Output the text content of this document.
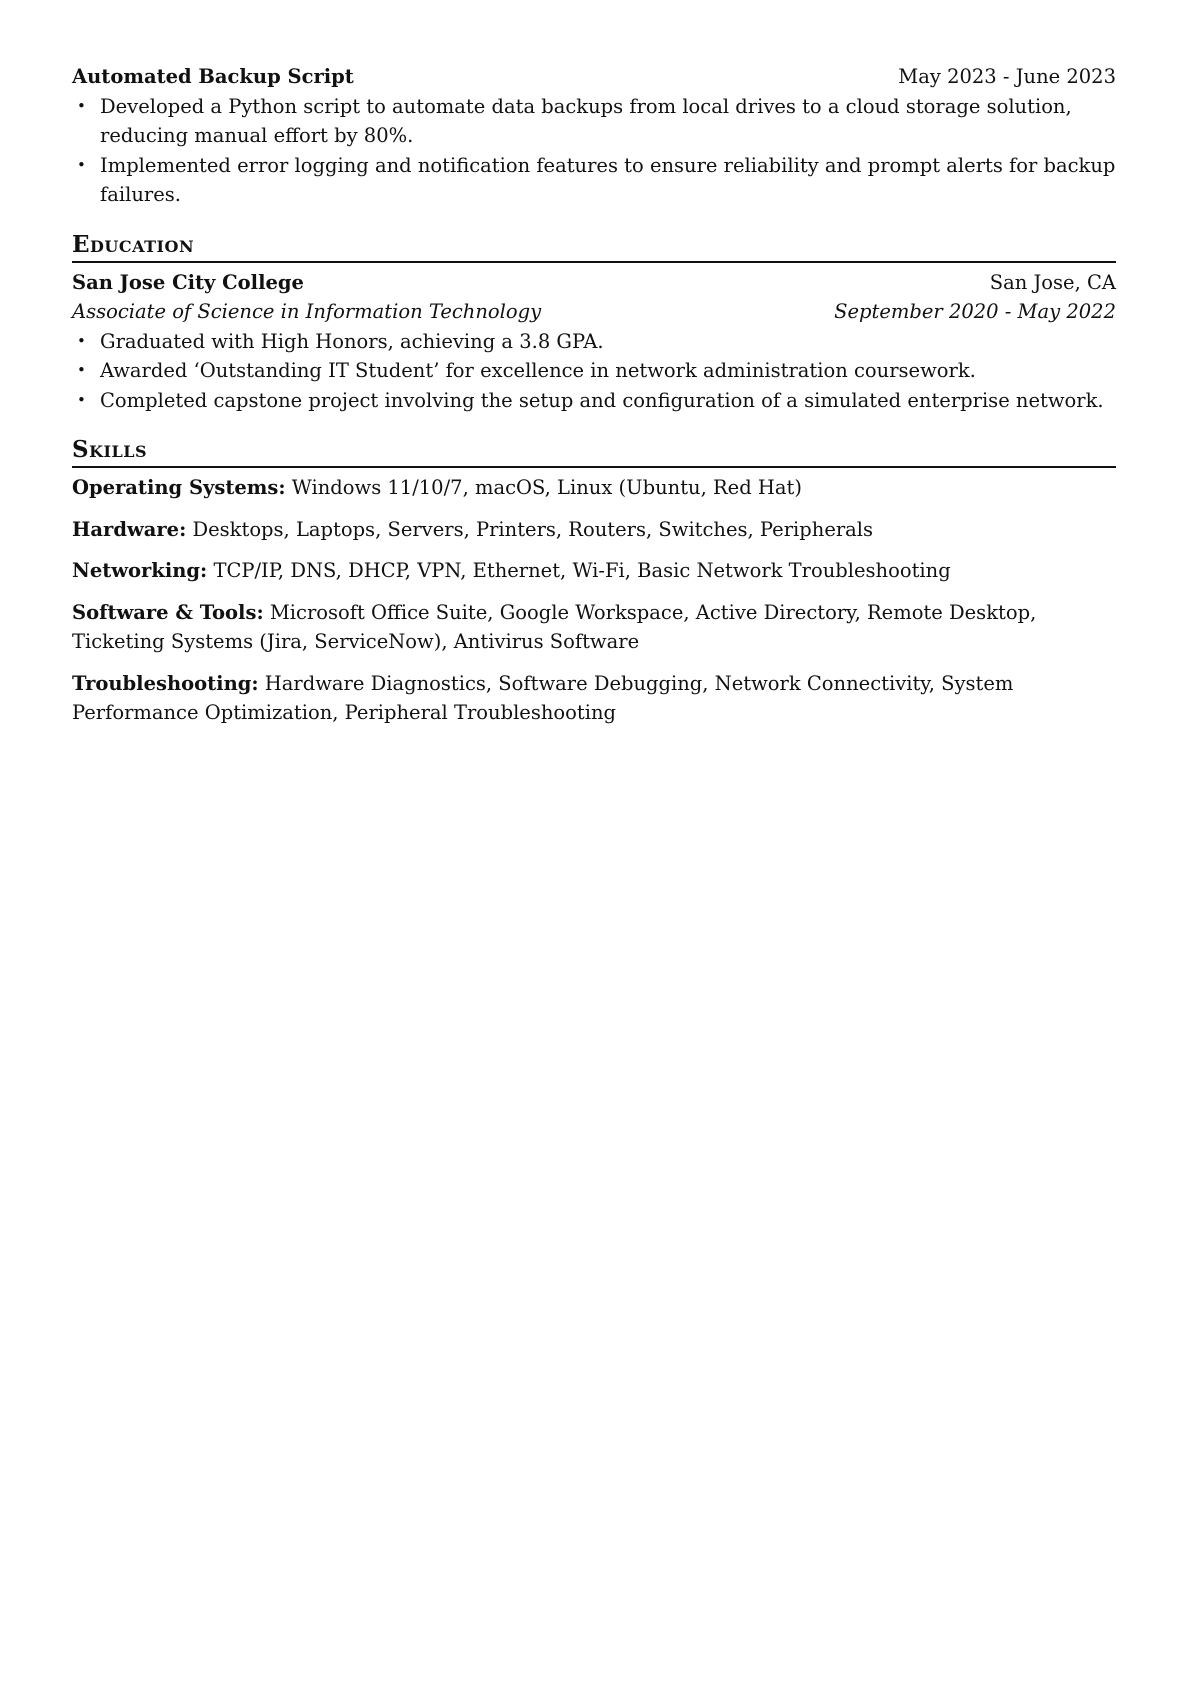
Automated Backup Script	May 2023 - June 2023
• Developed a Python script to automate data backups from local drives to a cloud storage solution, reducing manual effort by 80%.
• Implemented error logging and notification features to ensure reliability and prompt alerts for backup failures.
Education
San Jose City College	San Jose, CA
Associate of Science in Information Technology	September 2020 - May 2022
• Graduated with High Honors, achieving a 3.8 GPA.
• Awarded ‘Outstanding IT Student’ for excellence in network administration coursework.
• Completed capstone project involving the setup and configuration of a simulated enterprise network.
Skills
Operating Systems: Windows 11/10/7, macOS, Linux (Ubuntu, Red Hat)
Hardware: Desktops, Laptops, Servers, Printers, Routers, Switches, Peripherals
Networking: TCP/IP, DNS, DHCP, VPN, Ethernet, Wi-Fi, Basic Network Troubleshooting
Software & Tools: Microsoft Office Suite, Google Workspace, Active Directory, Remote Desktop, Ticketing Systems (Jira, ServiceNow), Antivirus Software
Troubleshooting: Hardware Diagnostics, Software Debugging, Network Connectivity, System Performance Optimization, Peripheral Troubleshooting
